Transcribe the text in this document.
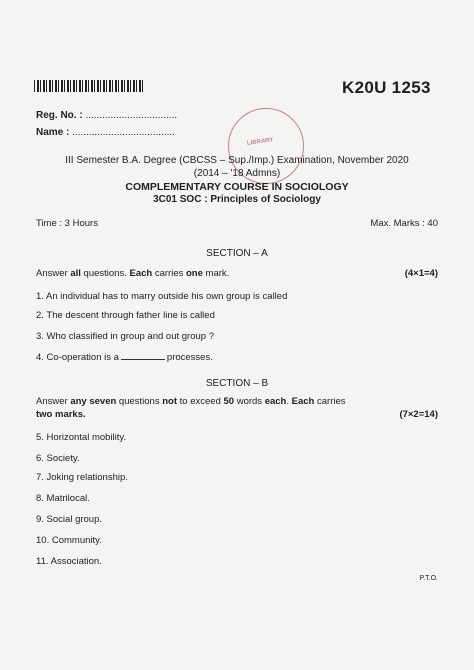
K20U 1253
Reg. No. : .................................
Name : .....................................
LIBRARY
III Semester B.A. Degree (CBCSS – Sup./Imp.) Examination, November 2020
(2014 – '18 Admns)
COMPLEMENTARY COURSE IN SOCIOLOGY
3C01 SOC : Principles of Sociology
Time : 3 Hours	Max. Marks : 40
SECTION – A
Answer all questions. Each carries one mark.	(4×1=4)
1. An individual has to marry outside his own group is called
2. The descent through father line is called
3. Who classified in group and out group ?
4. Co-operation is a	processes.
SECTION – B
Answer any seven questions not to exceed 50 words each. Each carries
two marks.	(7×2=14)
5. Horizontal mobility.
6. Society.
7. Joking relationship.
8. Matrilocal.
9. Social group.
10. Community.
11. Association.
P.T.O.
